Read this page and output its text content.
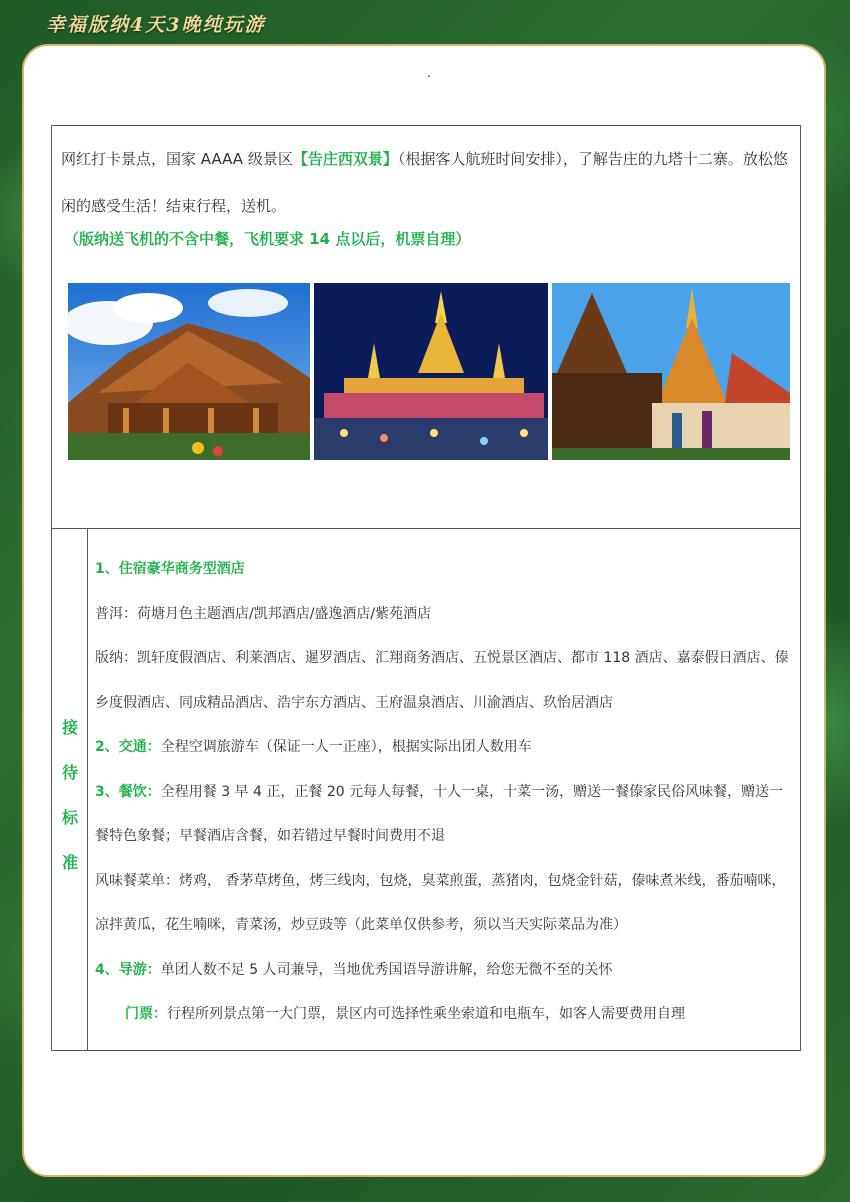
幸福版纳4天3晚纯玩游
.

网红打卡景点，国家 AAAA 级景区【告庄西双景】（根据客人航班时间安排），了解告庄的九塔十二寨。放松悠闲的感受生活！结束行程，送机。

（版纳送飞机的不含中餐，飞机要求 14 点以后，机票自理）

接
待
标
准

1、住宿豪华商务型酒店

普洱：荷塘月色主题酒店/凯邦酒店/盛逸酒店/紫苑酒店

版纳：凯轩度假酒店、利莱酒店、暹罗酒店、汇翔商务酒店、五悦景区酒店、都市 118 酒店、嘉泰假日酒店、傣乡度假酒店、同成精品酒店、浩宇东方酒店、王府温泉酒店、川渝酒店、玖怡居酒店

2、交通：全程空调旅游车（保证一人一正座），根据实际出团人数用车

3、餐饮：全程用餐 3 早 4 正，正餐 20 元每人每餐，十人一桌，十菜一汤，赠送一餐傣家民俗风味餐，赠送一餐特色象餐；早餐酒店含餐，如若错过早餐时间费用不退

风味餐菜单：烤鸡， 香茅草烤鱼，烤三线肉，包烧，臭菜煎蛋，蒸猪肉，包烧金针菇，傣味煮米线，番茄喃咪，凉拌黄瓜，花生喃咪，青菜汤，炒豆豉等（此菜单仅供参考，须以当天实际菜品为准）

4、导游：单团人数不足 5 人司兼导，当地优秀国语导游讲解，给您无微不至的关怀

门票：行程所列景点第一大门票，景区内可选择性乘坐索道和电瓶车，如客人需要费用自理
